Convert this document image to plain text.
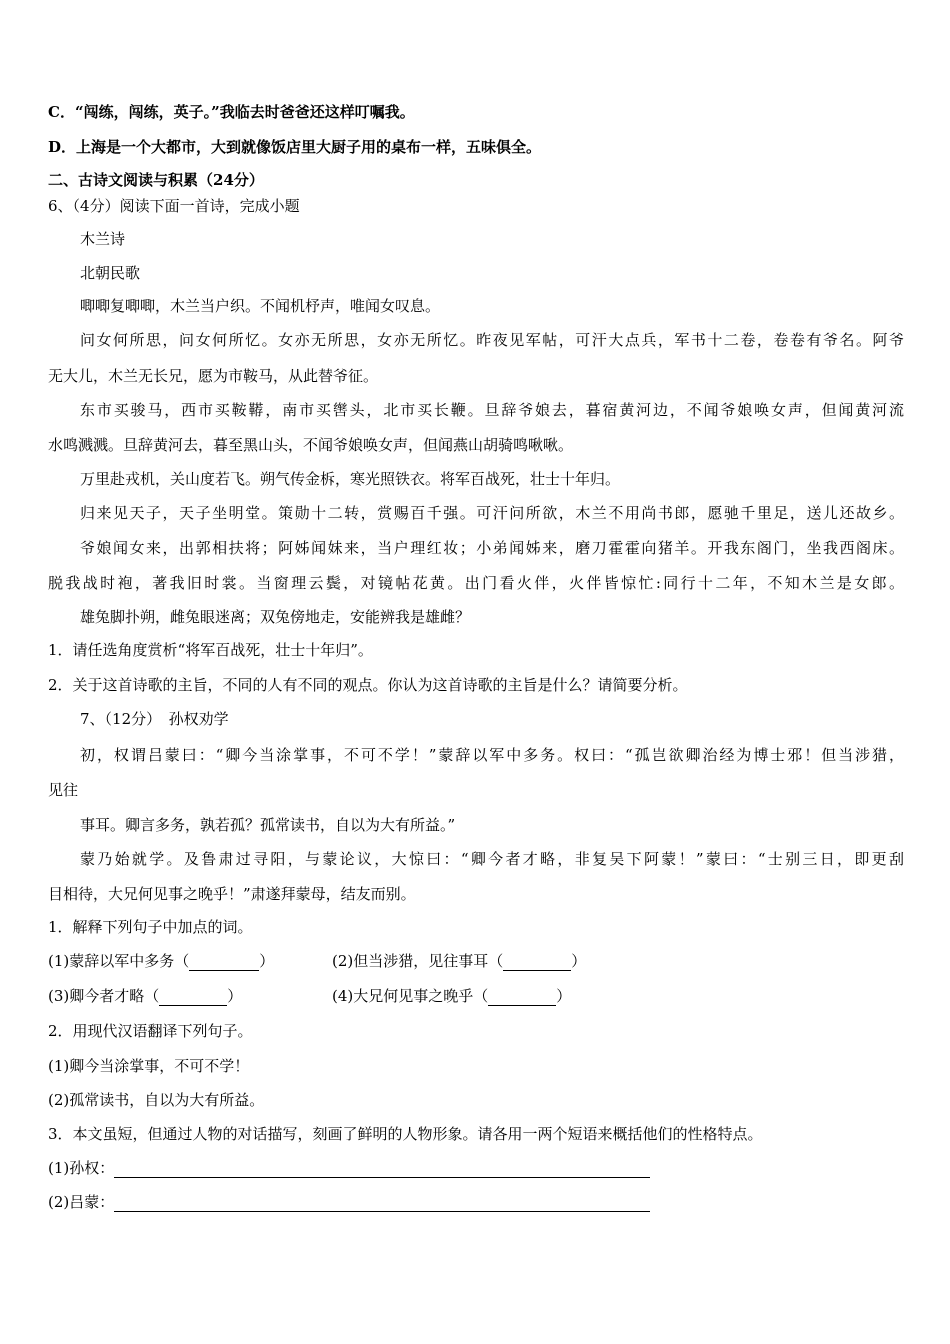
C．“闯练，闯练，英子。”我临去时爸爸还这样叮嘱我。
D．上海是一个大都市，大到就像饭店里大厨子用的桌布一样，五味俱全。
二、古诗文阅读与积累（24分）
6、（4分）阅读下面一首诗，完成小题
木兰诗
北朝民歌
唧唧复唧唧，木兰当户织。不闻机杼声，唯闻女叹息。
问女何所思，问女何所忆。女亦无所思，女亦无所忆。昨夜见军帖，可汗大点兵，军书十二卷，卷卷有爷名。阿爷
无大儿，木兰无长兄，愿为市鞍马，从此替爷征。
东市买骏马，西市买鞍鞯，南市买辔头，北市买长鞭。旦辞爷娘去，暮宿黄河边，不闻爷娘唤女声，但闻黄河流
水鸣溅溅。旦辞黄河去，暮至黑山头，不闻爷娘唤女声，但闻燕山胡骑鸣啾啾。
万里赴戎机，关山度若飞。朔气传金柝，寒光照铁衣。将军百战死，壮士十年归。
归来见天子，天子坐明堂。策勋十二转，赏赐百千强。可汗问所欲，木兰不用尚书郎，愿驰千里足，送儿还故乡。
爷娘闻女来，出郭相扶将；阿姊闻妹来，当户理红妆；小弟闻姊来，磨刀霍霍向猪羊。开我东阁门，坐我西阁床。
脱我战时袍，著我旧时裳。当窗理云鬓，对镜帖花黄。出门看火伴，火伴皆惊忙:同行十二年，不知木兰是女郎。
雄兔脚扑朔，雌兔眼迷离；双兔傍地走，安能辨我是雄雌？
1．请任选角度赏析“将军百战死，壮士十年归”。
2．关于这首诗歌的主旨，不同的人有不同的观点。你认为这首诗歌的主旨是什么？请简要分析。
7、（12分）　孙权劝学
初，权谓吕蒙曰：“卿今当涂掌事，不可不学！”蒙辞以军中多务。权曰：“孤岂欲卿治经为博士邪！但当涉猎，
见往
事耳。卿言多务，孰若孤？孤常读书，自以为大有所益。”
蒙乃始就学。及鲁肃过寻阳，与蒙论议，大惊曰：“卿今者才略，非复吴下阿蒙！”蒙曰：“士别三日，即更刮
目相待，大兄何见事之晚乎！”肃遂拜蒙母，结友而别。
1．解释下列句子中加点的词。
(1)蒙辞以军中多务（	）	(2)但当涉猎，见往事耳（	）
(3)卿今者才略（	）	(4)大兄何见事之晚乎（	）
2．用现代汉语翻译下列句子。
(1)卿今当涂掌事，不可不学！
(2)孤常读书，自以为大有所益。
3．本文虽短，但通过人物的对话描写，刻画了鲜明的人物形象。请各用一两个短语来概括他们的性格特点。
(1)孙权：
(2)吕蒙：
